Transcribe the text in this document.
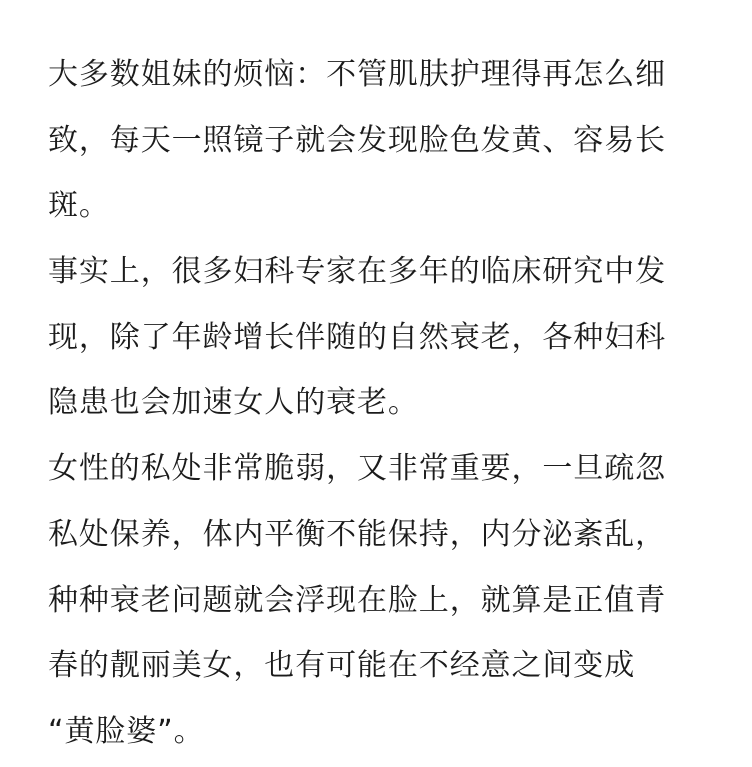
大多数姐妹的烦恼：不管肌肤护理得再怎么细
致，每天一照镜子就会发现脸色发黄、容易长
斑。
事实上，很多妇科专家在多年的临床研究中发
现，除了年龄增长伴随的自然衰老，各种妇科
隐患也会加速女人的衰老。
女性的私处非常脆弱，又非常重要，一旦疏忽
私处保养，体内平衡不能保持，内分泌紊乱，
种种衰老问题就会浮现在脸上，就算是正值青
春的靓丽美女，也有可能在不经意之间变成
“黄脸婆”。
